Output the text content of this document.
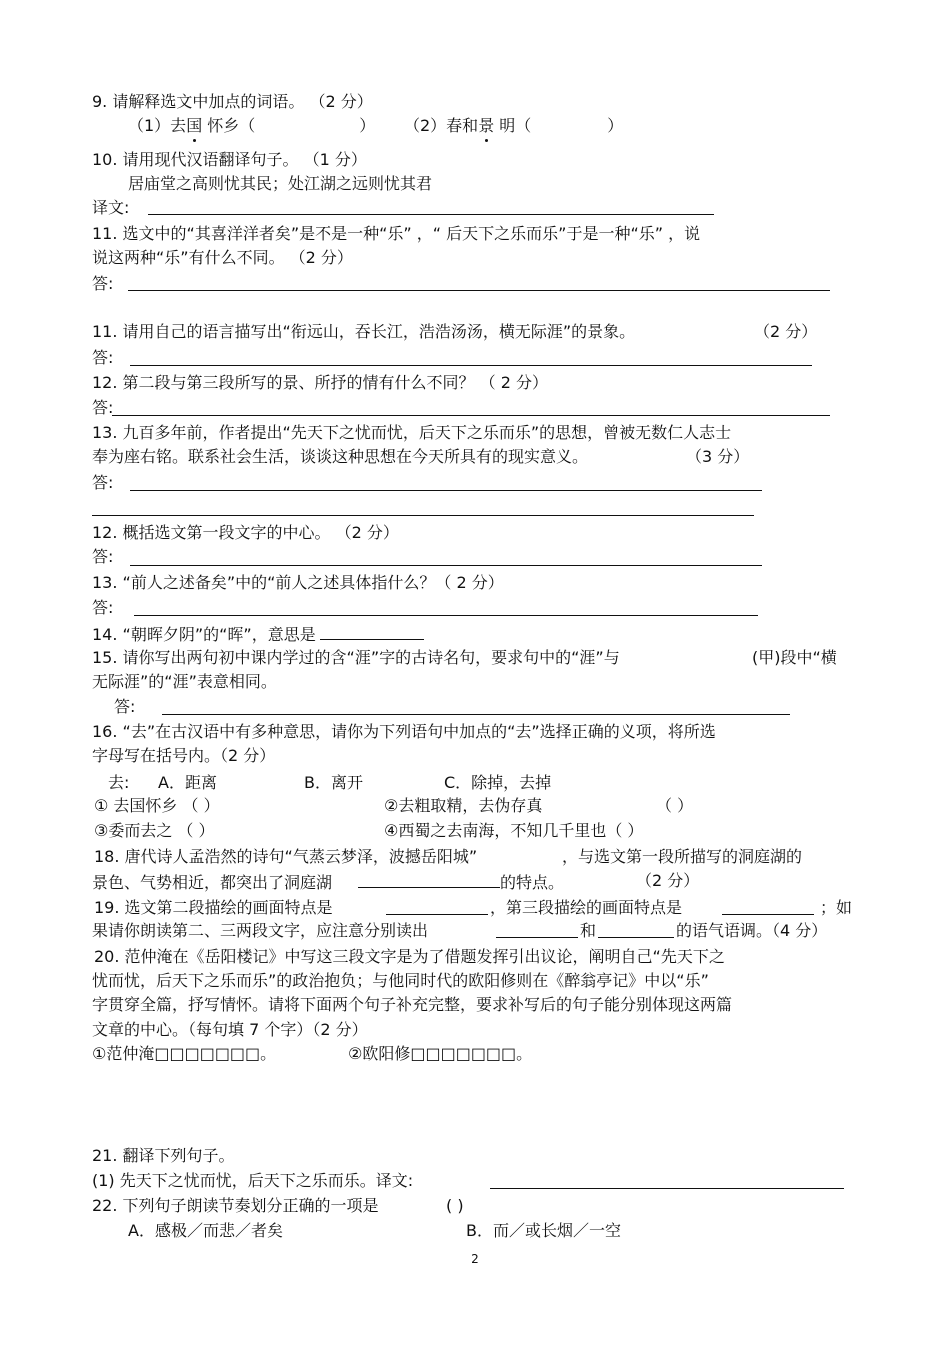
9. 请解释选文中加点的词语。 （2 分）
（1）去国 怀乡（	） （2）春和景 明（	）
10. 请用现代汉语翻译句子。 （1 分）
居庙堂之高则忧其民；处江湖之远则忧其君
译文:
11. 选文中的“其喜洋洋者矣”是不是一种“乐” ，“ 后天下之乐而乐”于是一种“乐” ，说
说这两种“乐”有什么不同。 （2 分）
答:
11. 请用自己的语言描写出“衔远山，吞长江，浩浩汤汤，横无际涯”的景象。	（2 分）
答:
12. 第二段与第三段所写的景、所抒的情有什么不同？ （ 2 分）
答:
13. 九百多年前，作者提出“先天下之忧而忧，后天下之乐而乐”的思想，曾被无数仁人志士
奉为座右铭。联系社会生活，谈谈这种思想在今天所具有的现实意义。	（3 分）
答:
12. 概括选文第一段文字的中心。 （2 分）
答:
13. “前人之述备矣”中的“前人之述具体指什么？（ 2 分）
答:
14. “朝晖夕阴”的“晖”，意思是
15. 请你写出两句初中课内学过的含“涯”字的古诗名句，要求句中的“涯”与	(甲)段中“横
无际涯”的“涯”表意相同。
答:
16. “去”在古汉语中有多种意思，请你为下列语句中加点的“去”选择正确的义项，将所选
字母写在括号内。（2 分）
去: A．距离	B．离开	C．除掉，去掉
① 去国怀乡 （ ）	②去粗取精，去伪存真	（ ）
③委而去之 （ ）	④西蜀之去南海，不知几千里也（ ）
18. 唐代诗人孟浩然的诗句“气蒸云梦泽，波撼岳阳城”	，与选文第一段所描写的洞庭湖的
景色、气势相近，都突出了洞庭湖	的特点。	（2 分）
19. 选文第二段描绘的画面特点是	，第三段描绘的画面特点是	；如
果请你朗读第二、三两段文字，应注意分别读出	和	的语气语调。（4 分）
20. 范仲淹在《岳阳楼记》中写这三段文字是为了借题发挥引出议论，阐明自己“先天下之
忧而忧，后天下之乐而乐”的政治抱负；与他同时代的欧阳修则在《醉翁亭记》中以“乐”
字贯穿全篇，抒写情怀。请将下面两个句子补充完整，要求补写后的句子能分别体现这两篇
文章的中心。（每句填 7 个字）（2 分）
①范仲淹□□□□□□□。	②欧阳修□□□□□□□。
21. 翻译下列句子。
(1) 先天下之忧而忧，后天下之乐而乐。译文:
22. 下列句子朗读节奏划分正确的一项是	( )
A．感极／而悲／者矣	B．而／或长烟／一空
2
